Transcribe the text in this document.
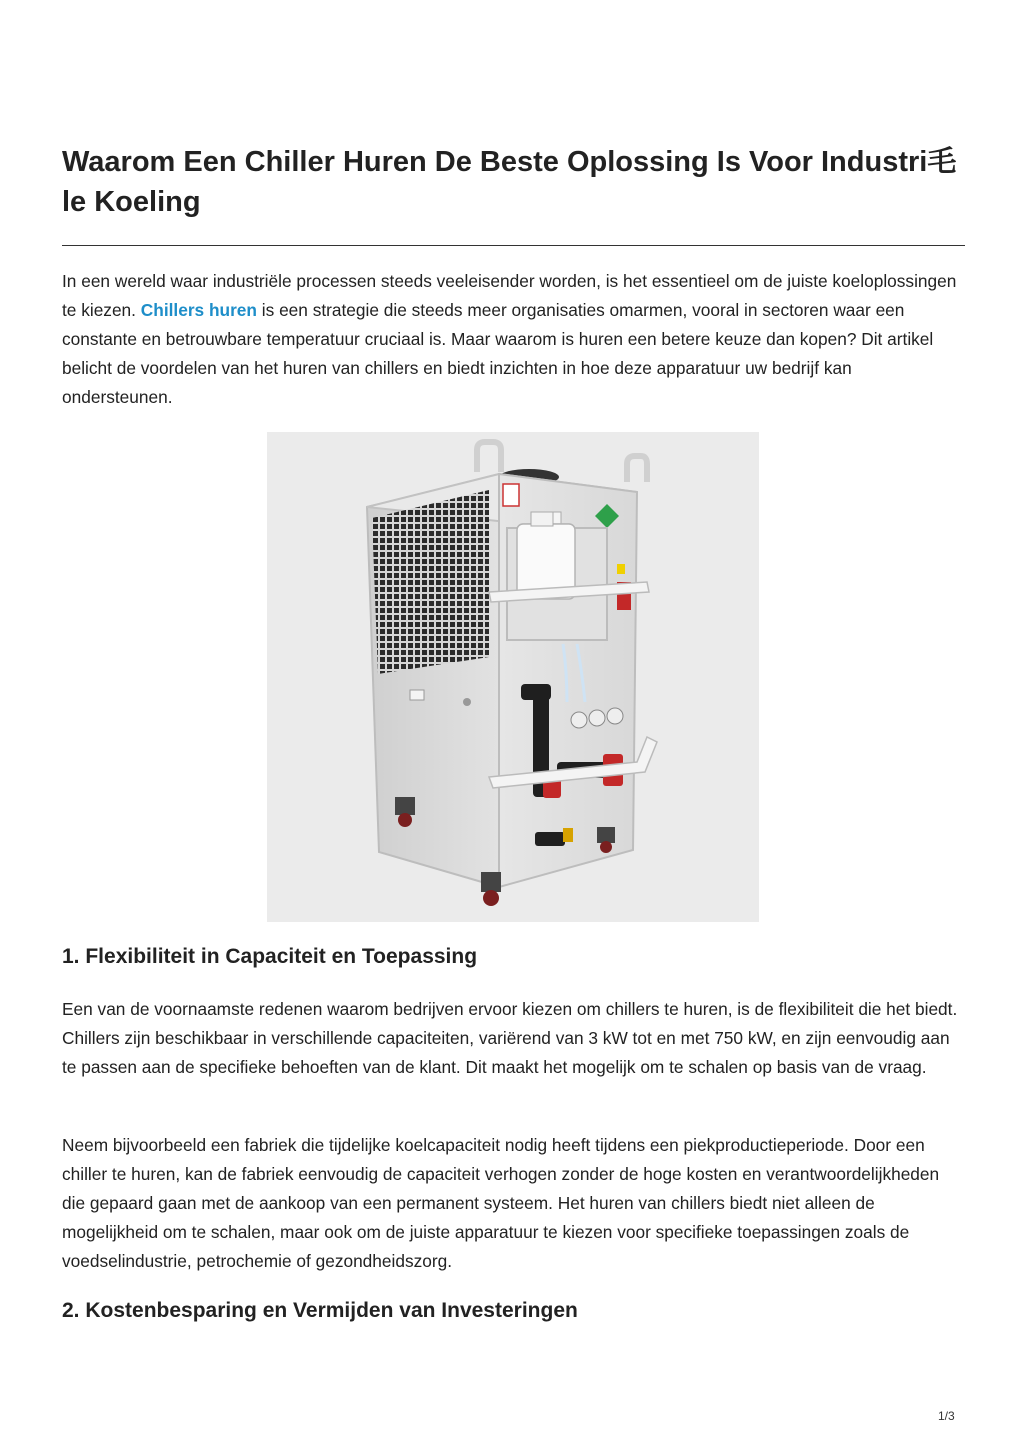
Waarom Een Chiller Huren De Beste Oplossing Is Voor Industri毛le Koeling

In een wereld waar industriële processen steeds veeleisender worden, is het essentieel om de juiste koeloplossingen te kiezen. Chillers huren is een strategie die steeds meer organisaties omarmen, vooral in sectoren waar een constante en betrouwbare temperatuur cruciaal is. Maar waarom is huren een betere keuze dan kopen? Dit artikel belicht de voordelen van het huren van chillers en biedt inzichten in hoe deze apparatuur uw bedrijf kan ondersteunen.

1. Flexibiliteit in Capaciteit en Toepassing

Een van de voornaamste redenen waarom bedrijven ervoor kiezen om chillers te huren, is de flexibiliteit die het biedt. Chillers zijn beschikbaar in verschillende capaciteiten, variërend van 3 kW tot en met 750 kW, en zijn eenvoudig aan te passen aan de specifieke behoeften van de klant. Dit maakt het mogelijk om te schalen op basis van de vraag.

Neem bijvoorbeeld een fabriek die tijdelijke koelcapaciteit nodig heeft tijdens een piekproductieperiode. Door een chiller te huren, kan de fabriek eenvoudig de capaciteit verhogen zonder de hoge kosten en verantwoordelijkheden die gepaard gaan met de aankoop van een permanent systeem. Het huren van chillers biedt niet alleen de mogelijkheid om te schalen, maar ook om de juiste apparatuur te kiezen voor specifieke toepassingen zoals de voedselindustrie, petrochemie of gezondheidszorg.

2. Kostenbesparing en Vermijden van Investeringen
1/3
